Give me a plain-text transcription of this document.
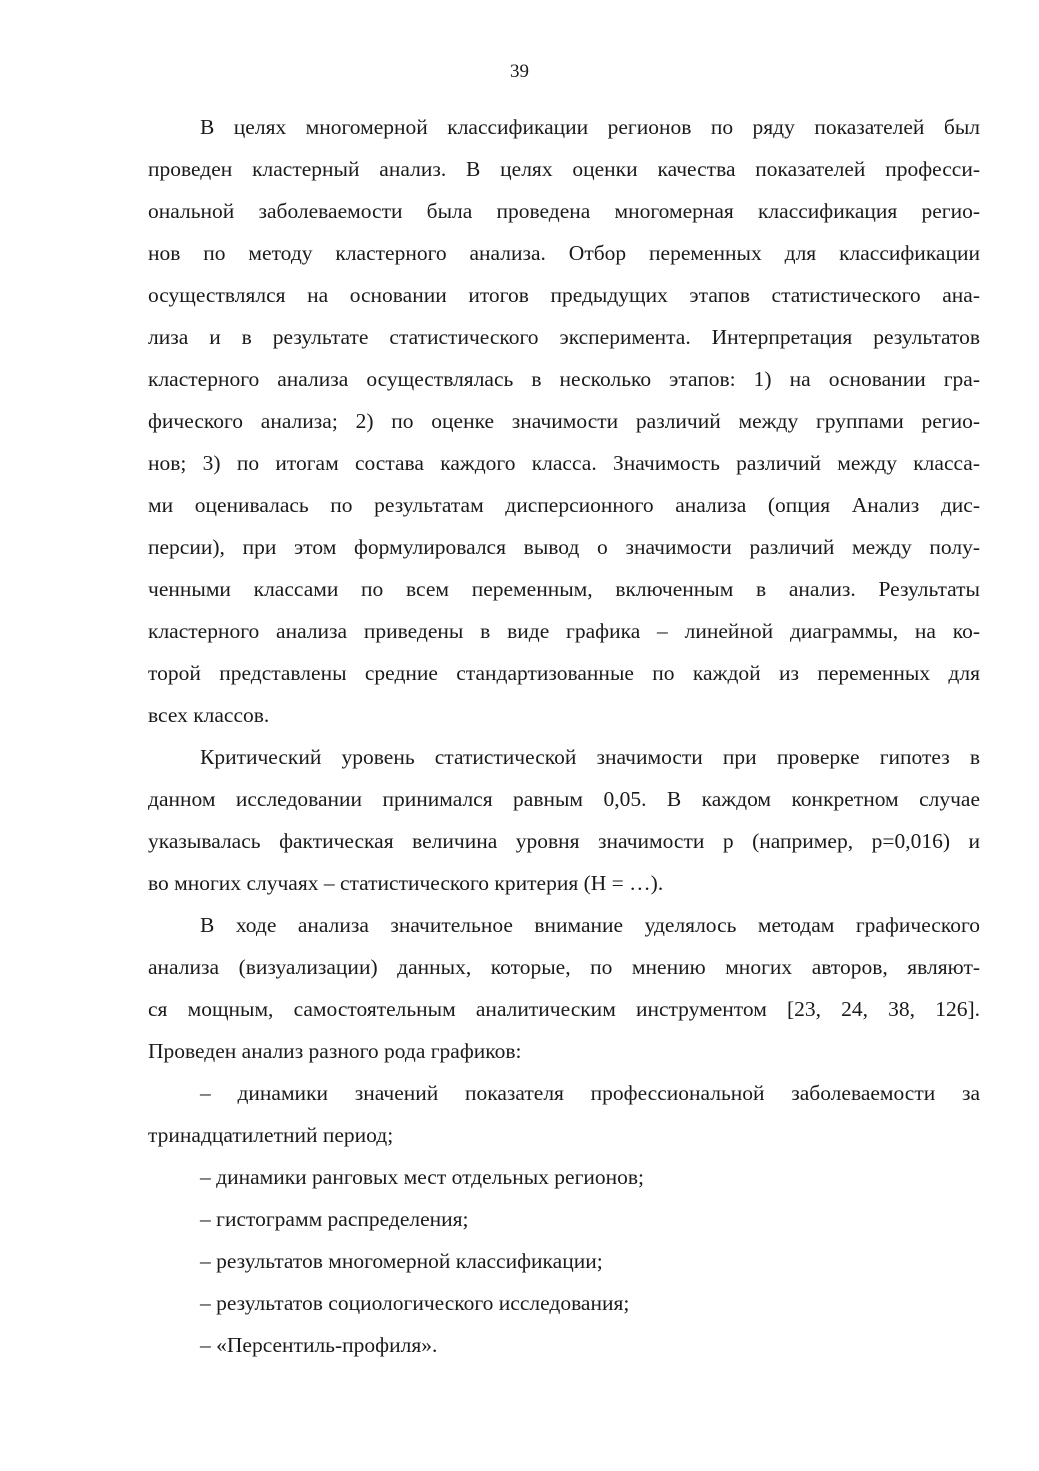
39
В целях многомерной классификации регионов по ряду показателей был
проведен кластерный анализ. В целях оценки качества показателей професси-
ональной заболеваемости была проведена многомерная классификация регио-
нов по методу кластерного анализа. Отбор переменных для классификации
осуществлялся на основании итогов предыдущих этапов статистического ана-
лиза и в результате статистического эксперимента. Интерпретация результатов
кластерного анализа осуществлялась в несколько этапов: 1) на основании гра-
фического анализа; 2) по оценке значимости различий между группами регио-
нов; 3) по итогам состава каждого класса. Значимость различий между класса-
ми оценивалась по результатам дисперсионного анализа (опция Анализ дис-
персии), при этом формулировался вывод о значимости различий между полу-
ченными классами по всем переменным, включенным в анализ. Результаты
кластерного анализа приведены в виде графика – линейной диаграммы, на ко-
торой представлены средние стандартизованные по каждой из переменных для
всех классов.
Критический уровень статистической значимости при проверке гипотез в
данном исследовании принимался равным 0,05. В каждом конкретном случае
указывалась фактическая величина уровня значимости р (например, р=0,016) и
во многих случаях – статистического критерия (Н = …).
В ходе анализа значительное внимание уделялось методам графического
анализа (визуализации) данных, которые, по мнению многих авторов, являют-
ся мощным, самостоятельным аналитическим инструментом [23, 24, 38, 126].
Проведен анализ разного рода графиков:
– динамики значений показателя профессиональной заболеваемости за
тринадцатилетний период;
– динамики ранговых мест отдельных регионов;
– гистограмм распределения;
– результатов многомерной классификации;
– результатов социологического исследования;
– «Персентиль-профиля».
